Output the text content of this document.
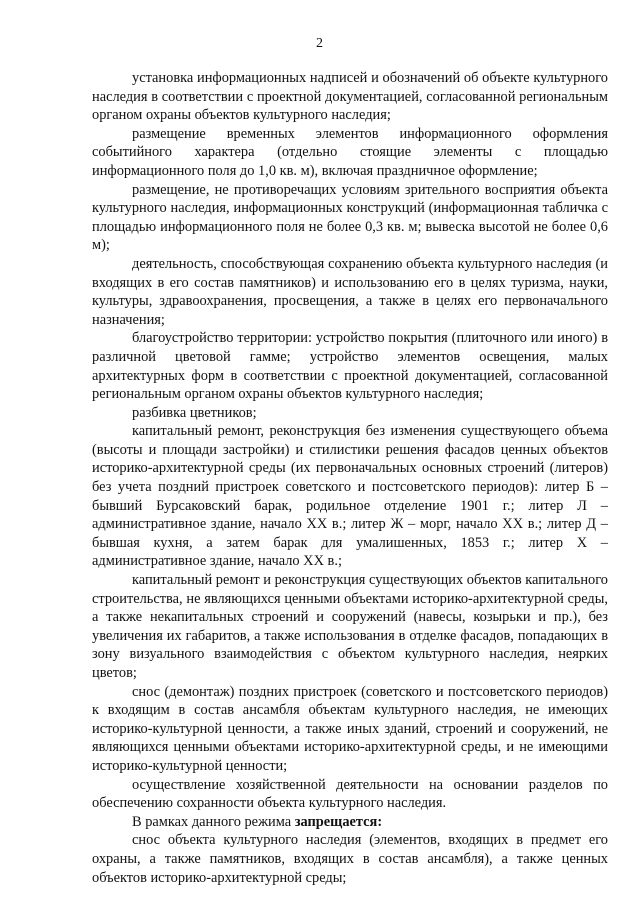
2

установка информационных надписей и обозначений об объекте культурного наследия в соответствии с проектной документацией, согласованной региональным органом охраны объектов культурного наследия;

размещение временных элементов информационного оформления событийного характера (отдельно стоящие элементы с площадью информационного поля до 1,0 кв. м), включая праздничное оформление;

размещение, не противоречащих условиям зрительного восприятия объекта культурного наследия, информационных конструкций (информационная табличка с площадью информационного поля не более 0,3 кв. м; вывеска высотой не более 0,6 м);

деятельность, способствующая сохранению объекта культурного наследия (и входящих в его состав памятников) и использованию его в целях туризма, науки, культуры, здравоохранения, просвещения, а также в целях его первоначального назначения;

благоустройство территории: устройство покрытия (плиточного или иного) в различной цветовой гамме; устройство элементов освещения, малых архитектурных форм в соответствии с проектной документацией, согласованной региональным органом охраны объектов культурного наследия;

разбивка цветников;

капитальный ремонт, реконструкция без изменения существующего объема (высоты и площади застройки) и стилистики решения фасадов ценных объектов историко-архитектурной среды (их первоначальных основных строений (литеров) без учета поздний пристроек советского и постсоветского периодов): литер Б – бывший Бурсаковский барак, родильное отделение 1901 г.; литер Л – административное здание, начало XX в.; литер Ж – морг, начало XX в.; литер Д – бывшая кухня, а затем барак для умалишенных, 1853 г.; литер Х – административное здание, начало XX в.;

капитальный ремонт и реконструкция существующих объектов капитального строительства, не являющихся ценными объектами историко-архитектурной среды, а также некапитальных строений и сооружений (навесы, козырьки и пр.), без увеличения их габаритов, а также использования в отделке фасадов, попадающих в зону визуального взаимодействия с объектом культурного наследия, неярких цветов;

снос (демонтаж) поздних пристроек (советского и постсоветского периодов) к входящим в состав ансамбля объектам культурного наследия, не имеющих историко-культурной ценности, а также иных зданий, строений и сооружений, не являющихся ценными объектами историко-архитектурной среды, и не имеющими историко-культурной ценности;

осуществление хозяйственной деятельности на основании разделов по обеспечению сохранности объекта культурного наследия.

В рамках данного режима запрещается:

снос объекта культурного наследия (элементов, входящих в предмет его охраны, а также памятников, входящих в состав ансамбля), а также ценных объектов историко-архитектурной среды;
